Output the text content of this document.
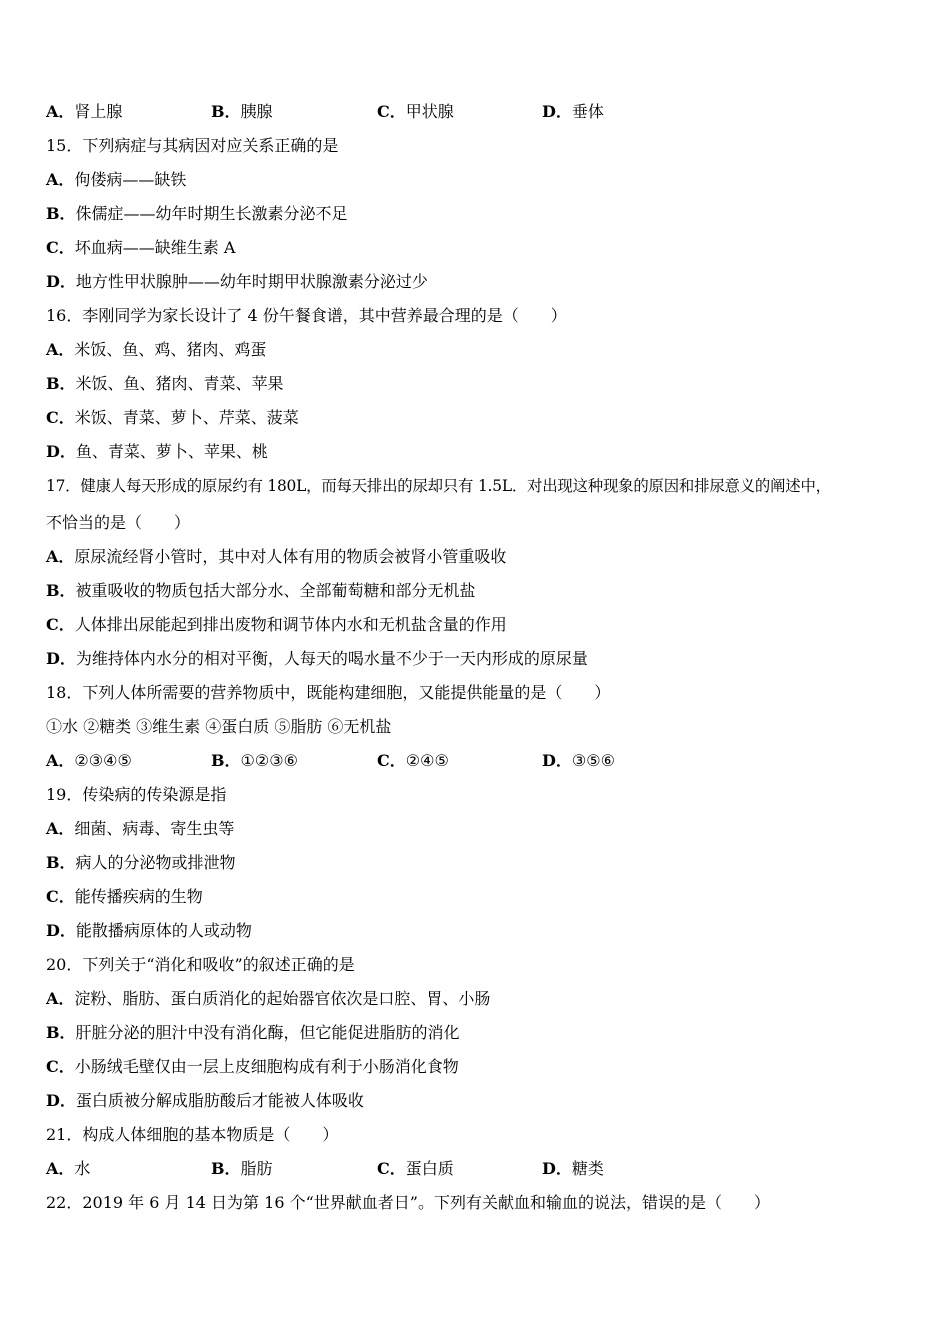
A．肾上腺	B．胰腺	C．甲状腺	D．垂体
15．下列病症与其病因对应关系正确的是
A．佝偻病——缺铁
B．侏儒症——幼年时期生长激素分泌不足
C．坏血病——缺维生素 A
D．地方性甲状腺肿——幼年时期甲状腺激素分泌过少
16．李刚同学为家长设计了 4 份午餐食谱，其中营养最合理的是（　　）
A．米饭、鱼、鸡、猪肉、鸡蛋
B．米饭、鱼、猪肉、青菜、苹果
C．米饭、青菜、萝卜、芹菜、菠菜
D．鱼、青菜、萝卜、苹果、桃
17．健康人每天形成的原尿约有 180L，而每天排出的尿却只有 1.5L．对出现这种现象的原因和排尿意义的阐述中，
不恰当的是（　　）
A．原尿流经肾小管时，其中对人体有用的物质会被肾小管重吸收
B．被重吸收的物质包括大部分水、全部葡萄糖和部分无机盐
C．人体排出尿能起到排出废物和调节体内水和无机盐含量的作用
D．为维持体内水分的相对平衡，人每天的喝水量不少于一天内形成的原尿量
18．下列人体所需要的营养物质中，既能构建细胞，又能提供能量的是（　　）
①水 ②糖类 ③维生素 ④蛋白质 ⑤脂肪 ⑥无机盐
A．②③④⑤	B．①②③⑥	C．②④⑤	D．③⑤⑥
19．传染病的传染源是指
A．细菌、病毒、寄生虫等
B．病人的分泌物或排泄物
C．能传播疾病的生物
D．能散播病原体的人或动物
20．下列关于“消化和吸收”的叙述正确的是
A．淀粉、脂肪、蛋白质消化的起始器官依次是口腔、胃、小肠
B．肝脏分泌的胆汁中没有消化酶，但它能促进脂肪的消化
C．小肠绒毛壁仅由一层上皮细胞构成有利于小肠消化食物
D．蛋白质被分解成脂肪酸后才能被人体吸收
21．构成人体细胞的基本物质是（　　）
A．水	B．脂肪	C．蛋白质	D．糖类
22．2019 年 6 月 14 日为第 16 个“世界献血者日”。下列有关献血和输血的说法，错误的是（　　）
